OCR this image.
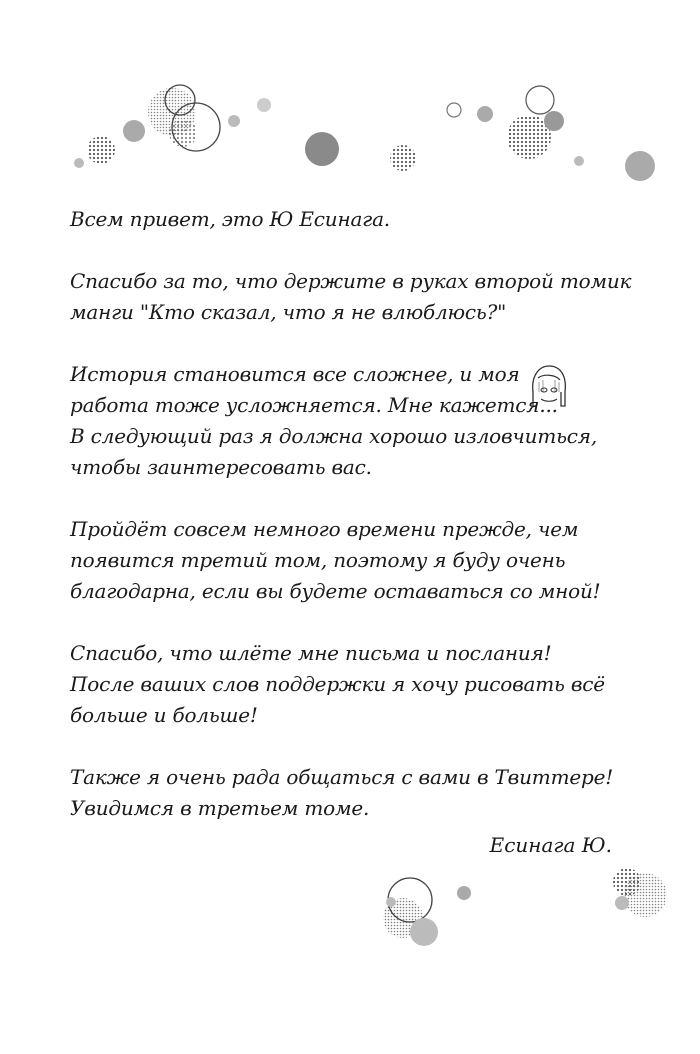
Всем привет, это Ю Есинага.
Спасибо за то, что держите в руках второй томик
манги "Кто сказал, что я не влюблюсь?"
История становится все сложнее, и моя
работа тоже усложняется. Мне кажется...
В следующий раз я должна хорошо изловчиться,
чтобы заинтересовать вас.
Пройдёт совсем немного времени прежде, чем
появится третий том, поэтому я буду очень
благодарна, если вы будете оставаться со мной!
Спасибо, что шлёте мне письма и послания!
После ваших слов поддержки я хочу рисовать всё
больше и больше!
Также я очень рада общаться с вами в Твиттере!
Увидимся в третьем томе.
Есинага Ю.
